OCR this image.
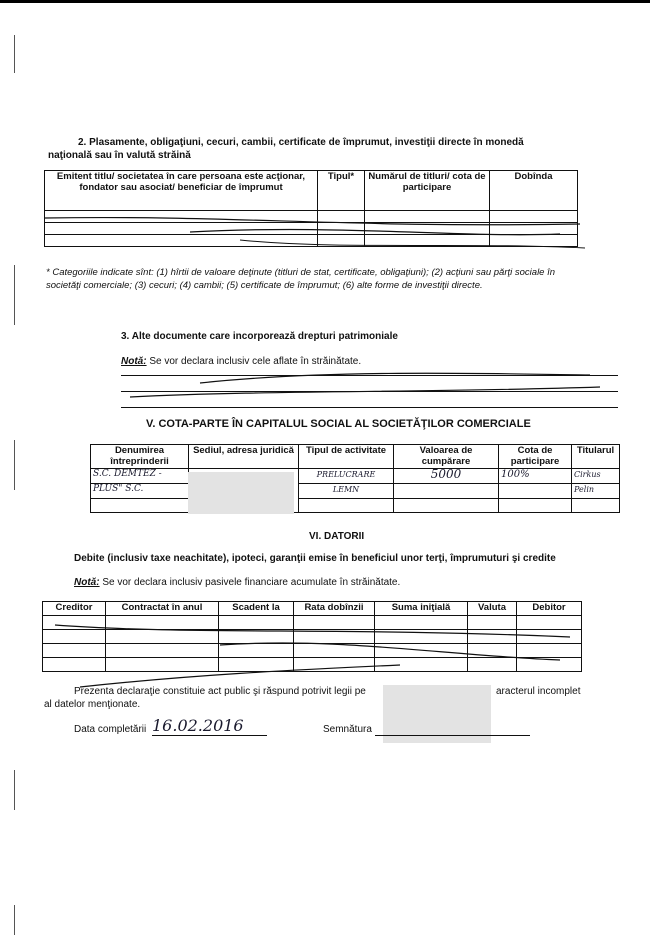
2. Plasamente, obligaţiuni, cecuri, cambii, certificate de împrumut, investiţii directe în monedă
naţională sau în valută străină
Emitent titlu/ societatea în care persoana este acţionar, fondator sau asociat/ beneficiar de împrumut	Tipul*	Numărul de titluri/ cota de participare	Dobînda

* Categoriile indicate sînt: (1) hîrtii de valoare deţinute (titluri de stat, certificate, obligaţiuni); (2) acţiuni sau părţi sociale în societăţi comerciale; (3) cecuri; (4) cambii; (5) certificate de împrumut; (6) alte forme de investiţii directe.
3. Alte documente care incorporează drepturi patrimoniale
Notă: Se vor declara inclusiv cele aflate în străinătate.
V. COTA-PARTE ÎN CAPITALUL SOCIAL AL SOCIETĂŢILOR COMERCIALE
Denumirea întreprinderii	Sediul, adresa juridică	Tipul de activitate	Valoarea de cumpărare	Cota de participare	Titularul
S.C. DEMTEZ -		PRELUCRARE	5000	100%	Cirkus
PLUS" S.C.		LEMN			Pelin

VI. DATORII
Debite (inclusiv taxe neachitate), ipoteci, garanţii emise în beneficiul unor terţi, împrumuturi şi credite
Notă: Se vor declara inclusiv pasivele financiare acumulate în străinătate.
Creditor	Contractat în anul	Scadent la	Rata dobînzii	Suma iniţială	Valuta	Debitor

Prezenta declaraţie constituie act public şi răspund potrivit legii pe	aracterul incomplet
al datelor menţionate.
Data completării 16.02.2016	Semnătura
